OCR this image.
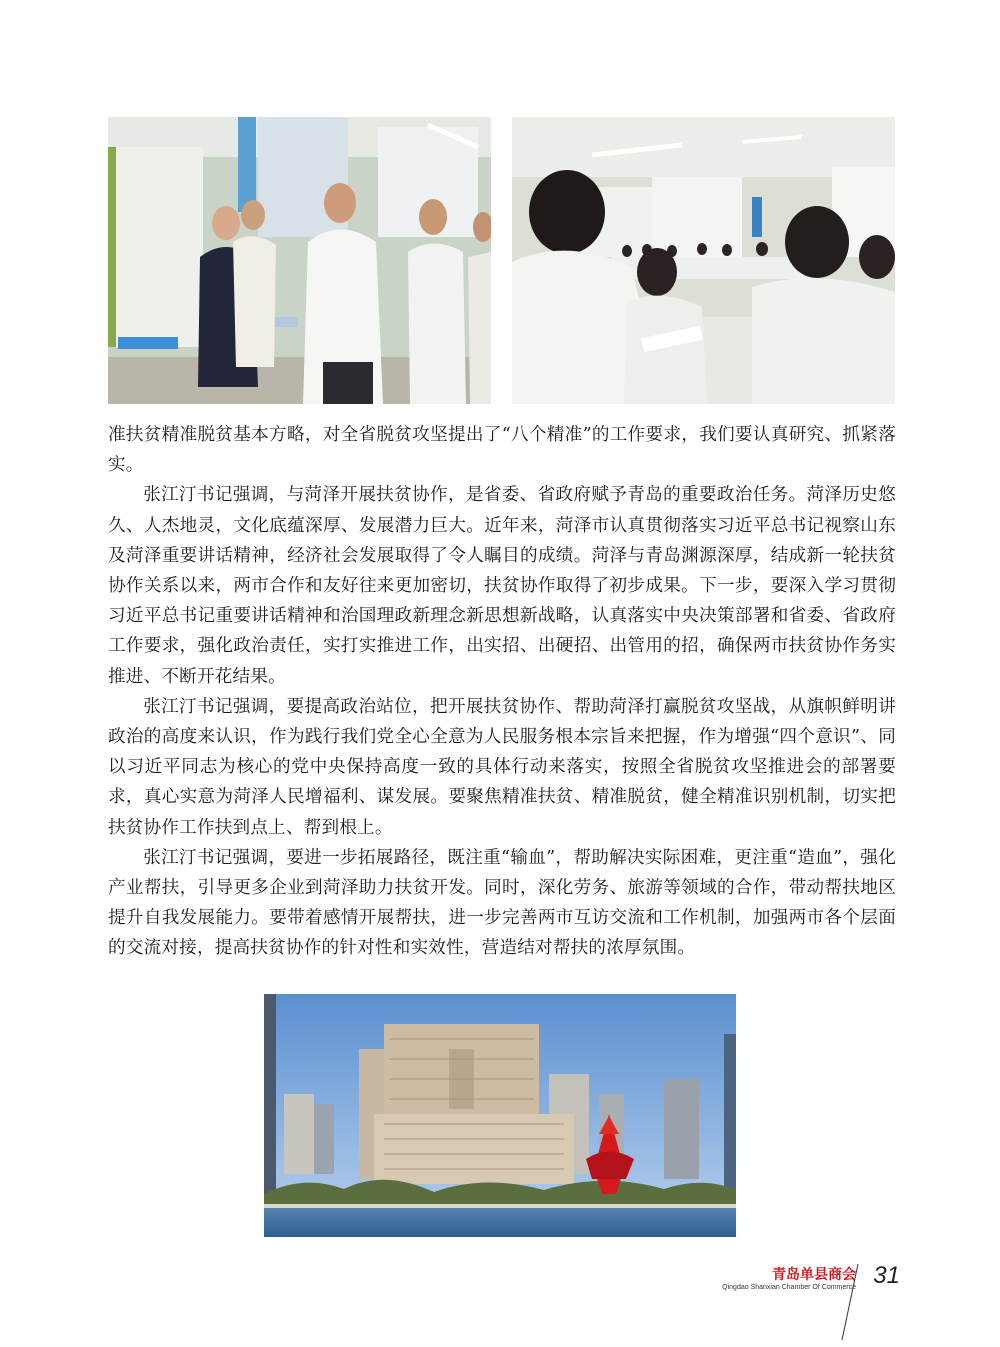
准扶贫精准脱贫基本方略，对全省脱贫攻坚提出了“八个精准”的工作要求，我们要认真研究、抓紧落实。

张江汀书记强调，与菏泽开展扶贫协作，是省委、省政府赋予青岛的重要政治任务。菏泽历史悠久、人杰地灵，文化底蕴深厚、发展潜力巨大。近年来，菏泽市认真贯彻落实习近平总书记视察山东及菏泽重要讲话精神，经济社会发展取得了令人瞩目的成绩。菏泽与青岛渊源深厚，结成新一轮扶贫协作关系以来，两市合作和友好往来更加密切，扶贫协作取得了初步成果。下一步，要深入学习贯彻习近平总书记重要讲话精神和治国理政新理念新思想新战略，认真落实中央决策部署和省委、省政府工作要求，强化政治责任，实打实推进工作，出实招、出硬招、出管用的招，确保两市扶贫协作务实推进、不断开花结果。

张江汀书记强调，要提高政治站位，把开展扶贫协作、帮助菏泽打赢脱贫攻坚战，从旗帜鲜明讲政治的高度来认识，作为践行我们党全心全意为人民服务根本宗旨来把握，作为增强“四个意识”、同以习近平同志为核心的党中央保持高度一致的具体行动来落实，按照全省脱贫攻坚推进会的部署要求，真心实意为菏泽人民增福利、谋发展。要聚焦精准扶贫、精准脱贫，健全精准识别机制，切实把扶贫协作工作扶到点上、帮到根上。

张江汀书记强调，要进一步拓展路径，既注重“输血”，帮助解决实际困难，更注重“造血”，强化产业帮扶，引导更多企业到菏泽助力扶贫开发。同时，深化劳务、旅游等领域的合作，带动帮扶地区提升自我发展能力。要带着感情开展帮扶，进一步完善两市互访交流和工作机制，加强两市各个层面的交流对接，提高扶贫协作的针对性和实效性，营造结对帮扶的浓厚氛围。

青岛单县商会
Qingdao Shanxian Chamber Of Commerce 31
